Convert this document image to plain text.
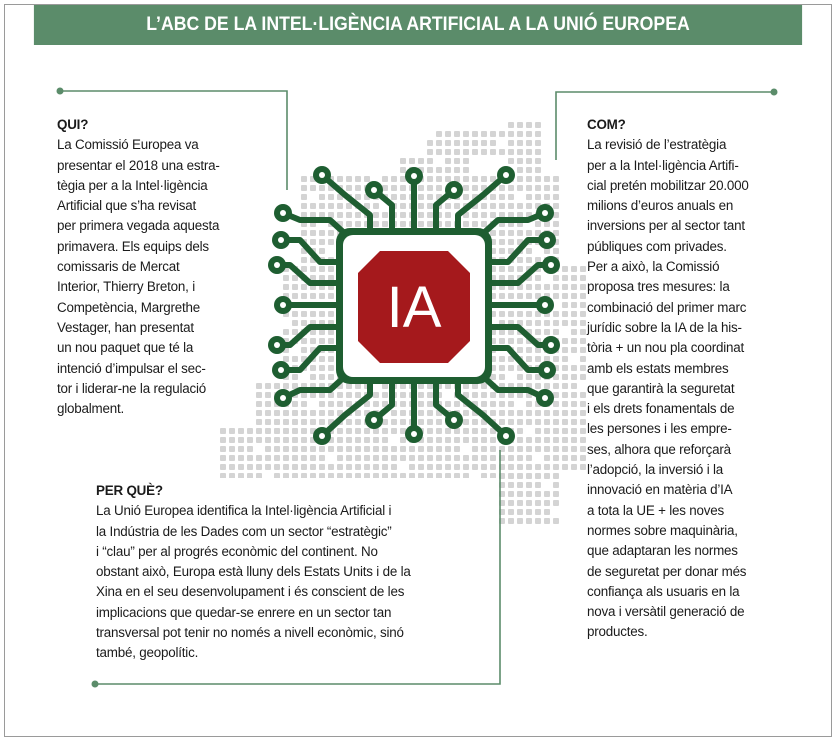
L’ABC DE LA INTEL·LIGÈNCIA ARTIFICIAL A LA UNIÓ EUROPEA
IA
QUI?

La Comissió Europea va

presentar el 2018 una estra-

tègia per a la Intel·ligència

Artificial que s’ha revisat

per primera vegada aquesta

primavera. Els equips dels

comissaris de Mercat

Interior, Thierry Breton, i

Competència, Margrethe

Vestager, han presentat

un nou paquet que té la

intenció d’impulsar el sec-

tor i liderar-ne la regulació

globalment.

COM?

La revisió de l’estratègia

per a la Intel·ligència Artifi-

cial pretén mobilitzar 20.000

milions d’euros anuals en

inversions per al sector tant

públiques com privades.

Per a això, la Comissió

proposa tres mesures: la

combinació del primer marc

jurídic sobre la IA de la his-

tòria + un nou pla coordinat

amb els estats membres

que garantirà la seguretat

i els drets fonamentals de

les persones i les empre-

ses, alhora que reforçarà

l’adopció, la inversió i la

innovació en matèria d’IA

a tota la UE + les noves

normes sobre maquinària,

que adaptaran les normes

de seguretat per donar més

confiança als usuaris en la

nova i versàtil generació de

productes.

PER QUÈ?

La Unió Europea identifica la Intel·ligència Artificial i

la Indústria de les Dades com un sector “estratègic”

i “clau” per al progrés econòmic del continent. No

obstant això, Europa està lluny dels Estats Units i de la

Xina en el seu desenvolupament i és conscient de les

implicacions que quedar-se enrere en un sector tan

transversal pot tenir no només a nivell econòmic, sinó

també, geopolític.
